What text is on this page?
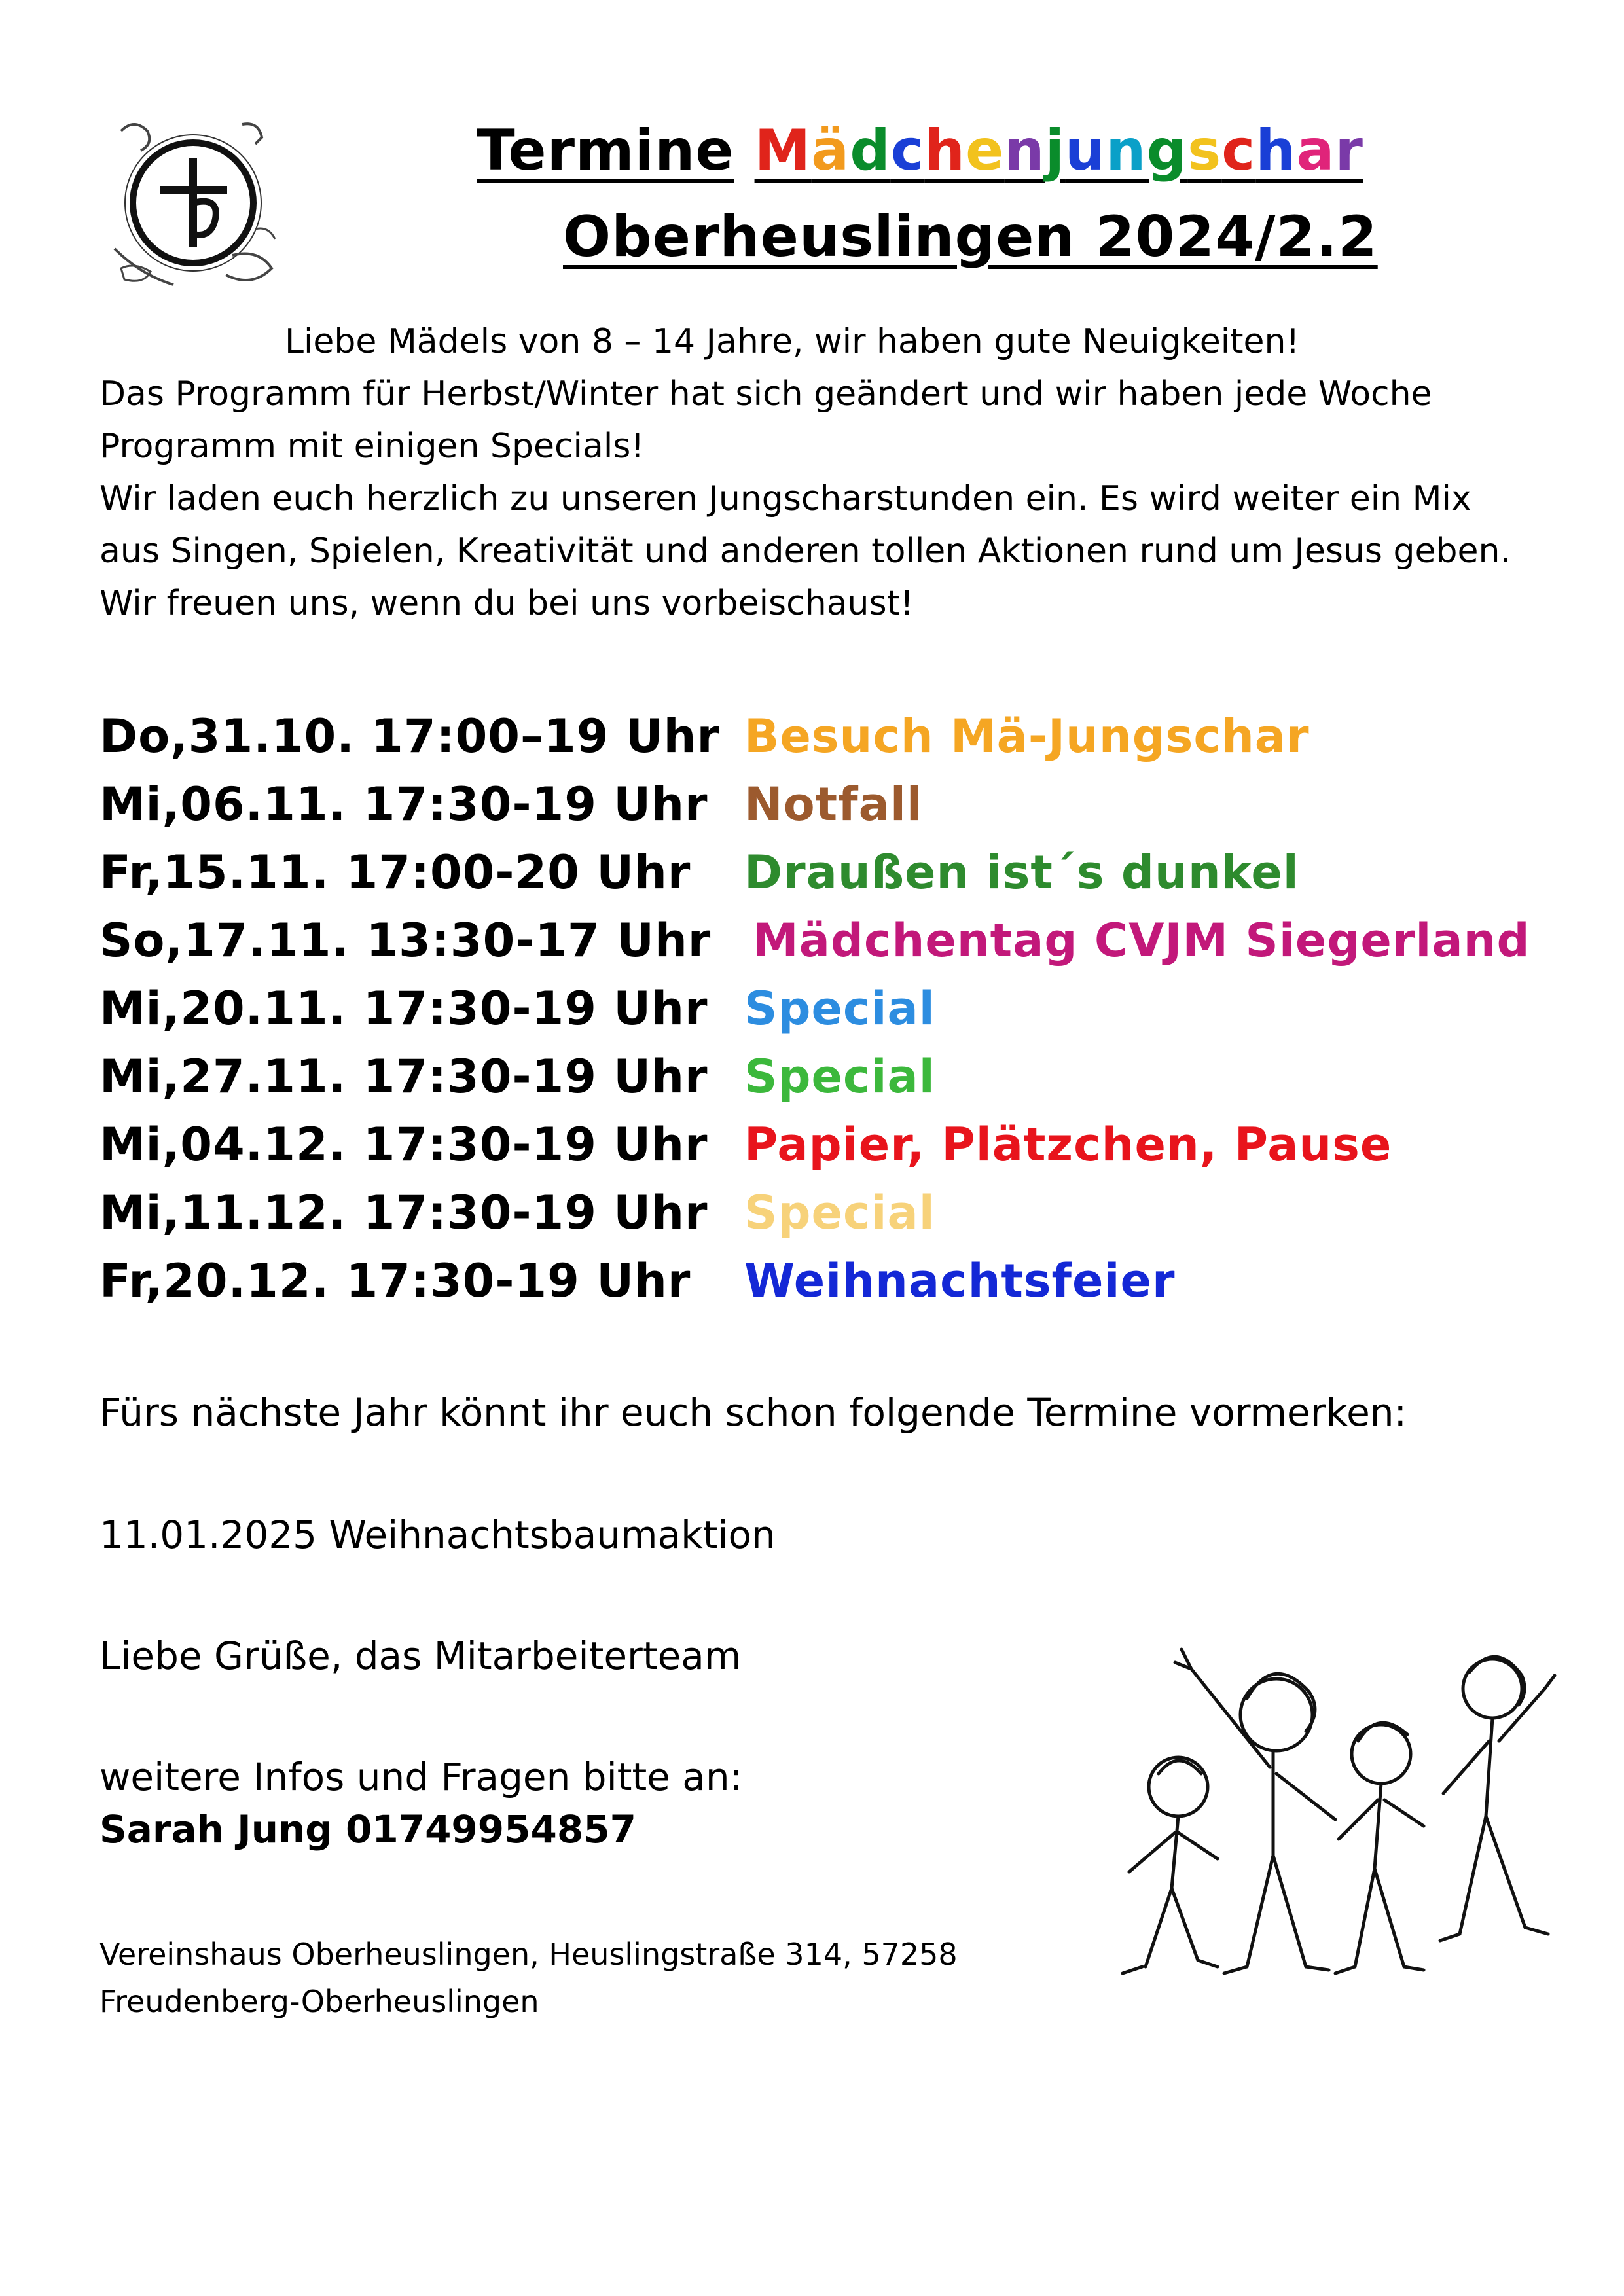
Termine Mädchenjungschar
Oberheuslingen 2024/2.2
Liebe Mädels von 8 – 14 Jahre, wir haben gute Neuigkeiten!
Das Programm für Herbst/Winter hat sich geändert und wir haben jede Woche
Programm mit einigen Specials!
Wir laden euch herzlich zu unseren Jungscharstunden ein. Es wird weiter ein Mix
aus Singen, Spielen, Kreativität und anderen tollen Aktionen rund um Jesus geben.
Wir freuen uns, wenn du bei uns vorbeischaust!
Do,31.10. 17:00–19 Uhr Besuch Mä-Jungschar
Mi,06.11. 17:30-19 Uhr Notfall
Fr,15.11. 17:00-20 Uhr Draußen ist´s dunkel
So,17.11. 13:30-17 Uhr Mädchentag CVJM Siegerland
Mi,20.11. 17:30-19 Uhr Special
Mi,27.11. 17:30-19 Uhr Special
Mi,04.12. 17:30-19 Uhr Papier, Plätzchen, Pause
Mi,11.12. 17:30-19 Uhr Special
Fr,20.12. 17:30-19 Uhr Weihnachtsfeier
Fürs nächste Jahr könnt ihr euch schon folgende Termine vormerken:
11.01.2025 Weihnachtsbaumaktion
Liebe Grüße, das Mitarbeiterteam
weitere Infos und Fragen bitte an:
Sarah Jung 01749954857
Vereinshaus Oberheuslingen, Heuslingstraße 314, 57258
Freudenberg-Oberheuslingen
